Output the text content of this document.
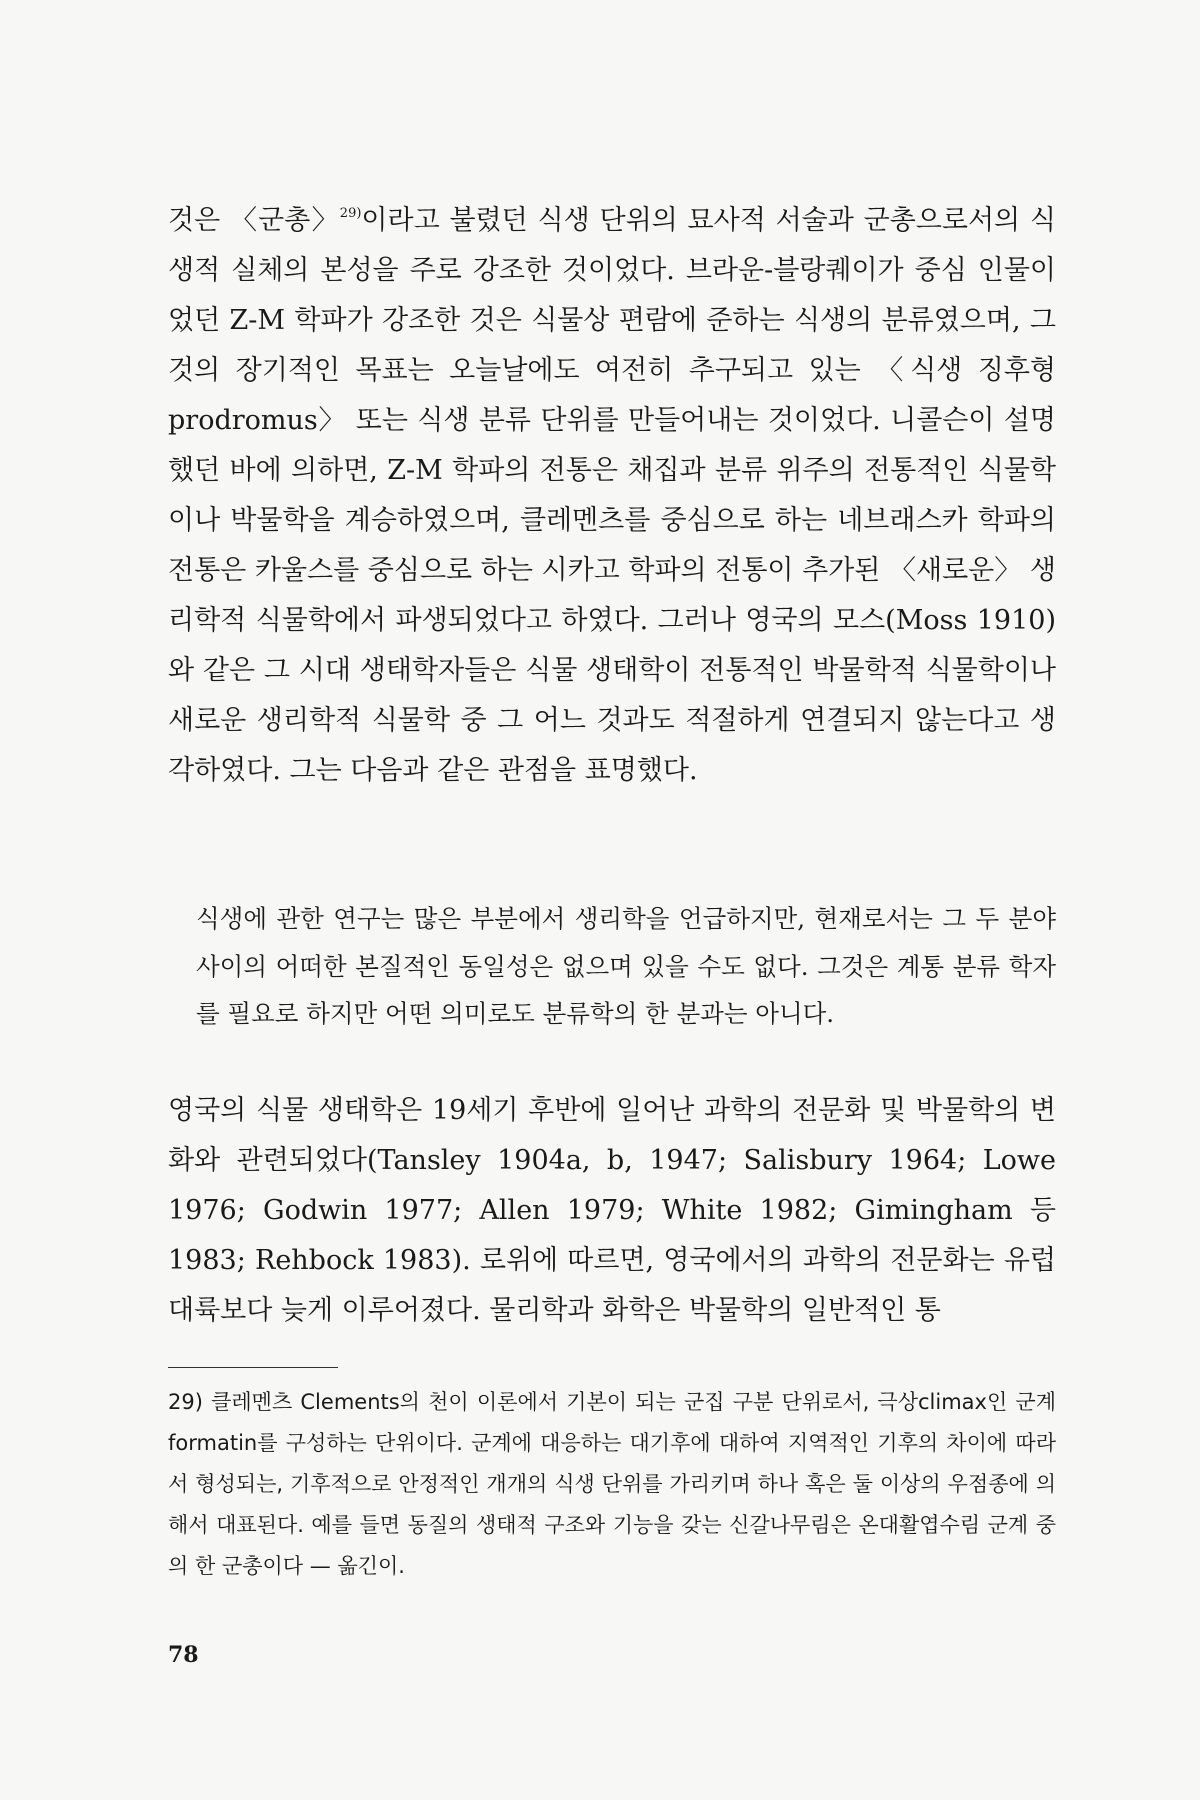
것은 〈군총〉$^{29)}$이라고 불렸던 식생 단위의 묘사적 서술과 군총으로서의 식생적 실체의 본성을 주로 강조한 것이었다. 브라운-블랑퀘이가 중심 인물이었던 Z-M 학파가 강조한 것은 식물상 편람에 준하는 식생의 분류였으며, 그것의 장기적인 목표는 오늘날에도 여전히 추구되고 있는 〈식생 징후형 prodromus〉 또는 식생 분류 단위를 만들어내는 것이었다. 니콜슨이 설명했던 바에 의하면, Z-M 학파의 전통은 채집과 분류 위주의 전통적인 식물학이나 박물학을 계승하였으며, 클레멘츠를 중심으로 하는 네브래스카 학파의 전통은 카울스를 중심으로 하는 시카고 학파의 전통이 추가된 〈새로운〉 생리학적 식물학에서 파생되었다고 하였다. 그러나 영국의 모스(Moss 1910)와 같은 그 시대 생태학자들은 식물 생태학이 전통적인 박물학적 식물학이나 새로운 생리학적 식물학 중 그 어느 것과도 적절하게 연결되지 않는다고 생각하였다. 그는 다음과 같은 관점을 표명했다.

식생에 관한 연구는 많은 부분에서 생리학을 언급하지만, 현재로서는 그 두 분야 사이의 어떠한 본질적인 동일성은 없으며 있을 수도 없다. 그것은 계통 분류 학자를 필요로 하지만 어떤 의미로도 분류학의 한 분과는 아니다.

영국의 식물 생태학은 19세기 후반에 일어난 과학의 전문화 및 박물학의 변화와 관련되었다(Tansley 1904a, b, 1947; Salisbury 1964; Lowe 1976; Godwin 1977; Allen 1979; White 1982; Gimingham 등 1983; Rehbock 1983). 로위에 따르면, 영국에서의 과학의 전문화는 유럽 대륙보다 늦게 이루어졌다. 물리학과 화학은 박물학의 일반적인 통

29) 클레멘츠 Clements의 천이 이론에서 기본이 되는 군집 구분 단위로서, 극상climax인 군계 formatin를 구성하는 단위이다. 군계에 대응하는 대기후에 대하여 지역적인 기후의 차이에 따라서 형성되는, 기후적으로 안정적인 개개의 식생 단위를 가리키며 하나 혹은 둘 이상의 우점종에 의해서 대표된다. 예를 들면 동질의 생태적 구조와 기능을 갖는 신갈나무림은 온대활엽수림 군계 중의 한 군총이다 — 옮긴이.

78
